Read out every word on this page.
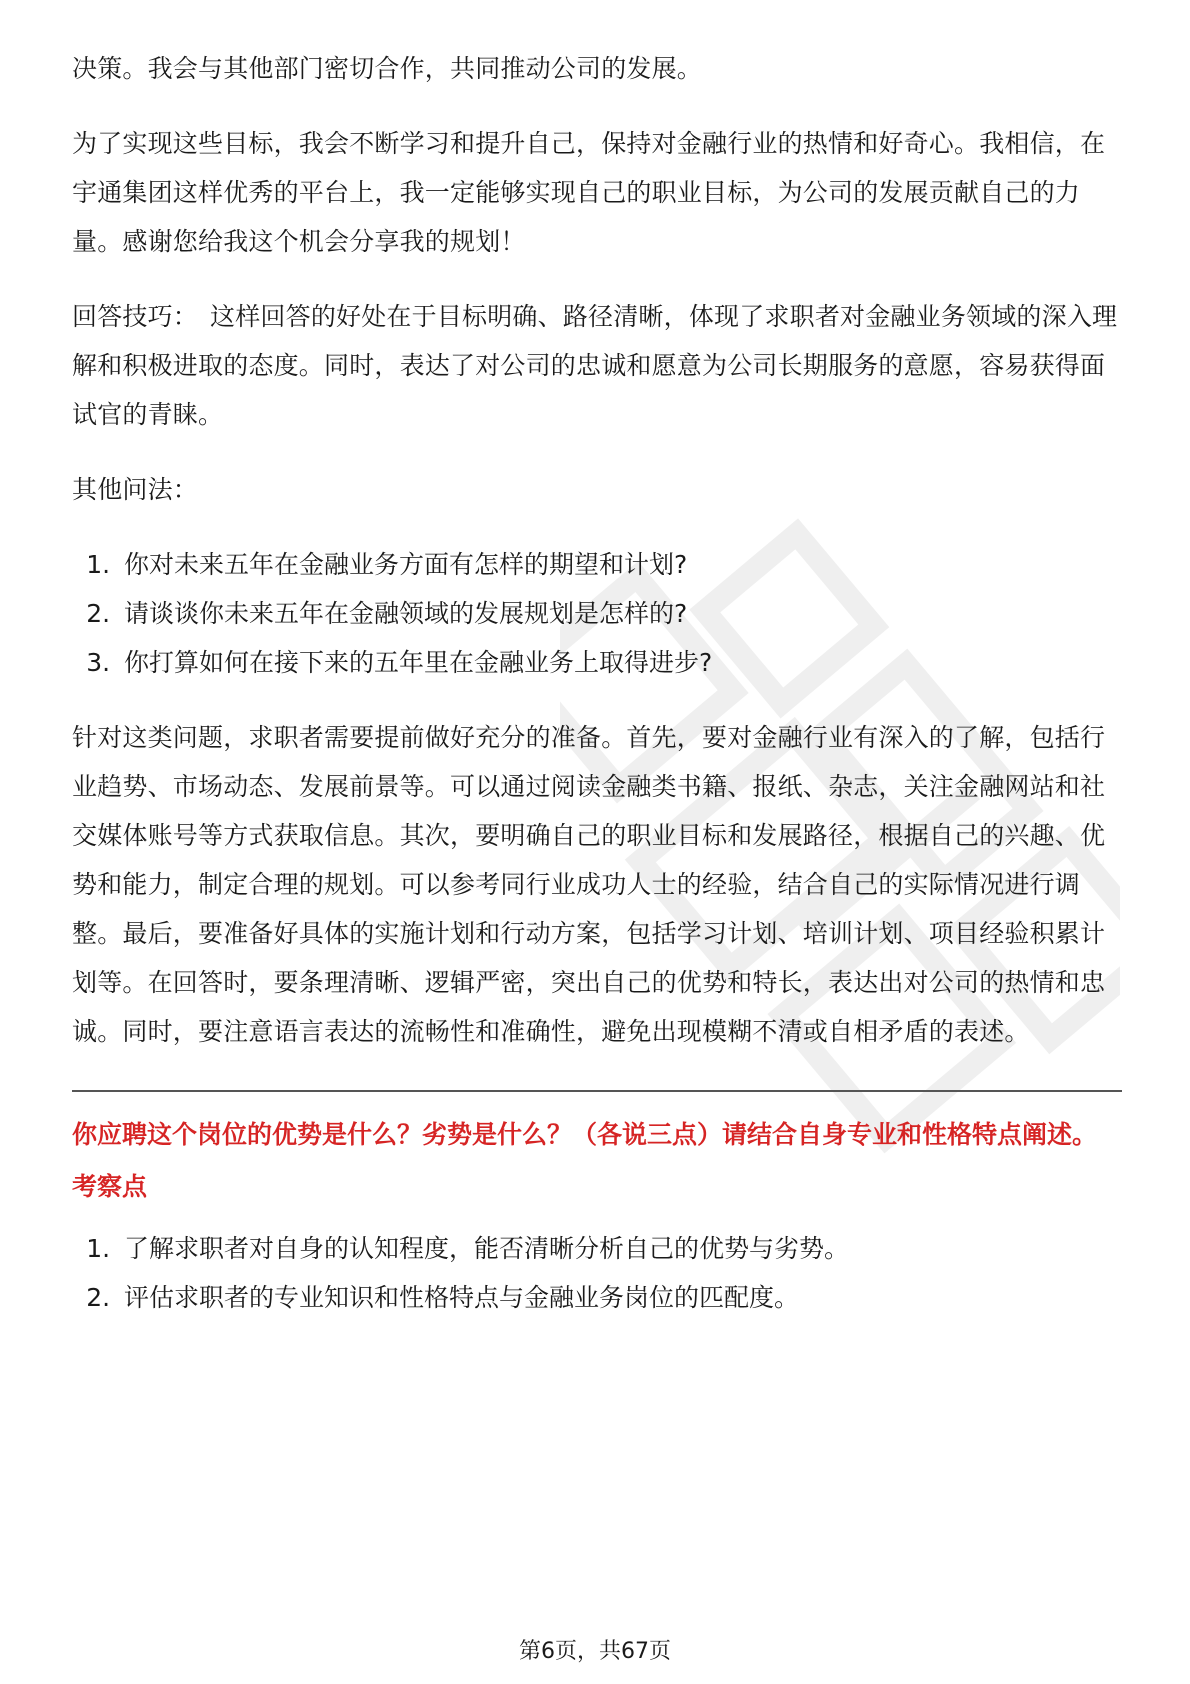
决策。我会与其他部门密切合作，共同推动公司的发展。

为了实现这些目标，我会不断学习和提升自己，保持对金融行业的热情和好奇心。我相信，在宇通集团这样优秀的平台上，我一定能够实现自己的职业目标，为公司的发展贡献自己的力量。感谢您给我这个机会分享我的规划！

回答技巧： 这样回答的好处在于目标明确、路径清晰，体现了求职者对金融业务领域的深入理解和积极进取的态度。同时，表达了对公司的忠诚和愿意为公司长期服务的意愿，容易获得面试官的青睐。

其他问法：

1. 你对未来五年在金融业务方面有怎样的期望和计划?
2. 请谈谈你未来五年在金融领域的发展规划是怎样的?
3. 你打算如何在接下来的五年里在金融业务上取得进步?

针对这类问题，求职者需要提前做好充分的准备。首先，要对金融行业有深入的了解，包括行业趋势、市场动态、发展前景等。可以通过阅读金融类书籍、报纸、杂志，关注金融网站和社交媒体账号等方式获取信息。其次，要明确自己的职业目标和发展路径，根据自己的兴趣、优势和能力，制定合理的规划。可以参考同行业成功人士的经验，结合自己的实际情况进行调整。最后，要准备好具体的实施计划和行动方案，包括学习计划、培训计划、项目经验积累计划等。在回答时，要条理清晰、逻辑严密，突出自己的优势和特长，表达出对公司的热情和忠诚。同时，要注意语言表达的流畅性和准确性，避免出现模糊不清或自相矛盾的表述。

你应聘这个岗位的优势是什么？劣势是什么？（各说三点）请结合自身专业和性格特点阐述。
考察点
1. 了解求职者对自身的认知程度，能否清晰分析自己的优势与劣势。
2. 评估求职者的专业知识和性格特点与金融业务岗位的匹配度。
第6页，共67页
